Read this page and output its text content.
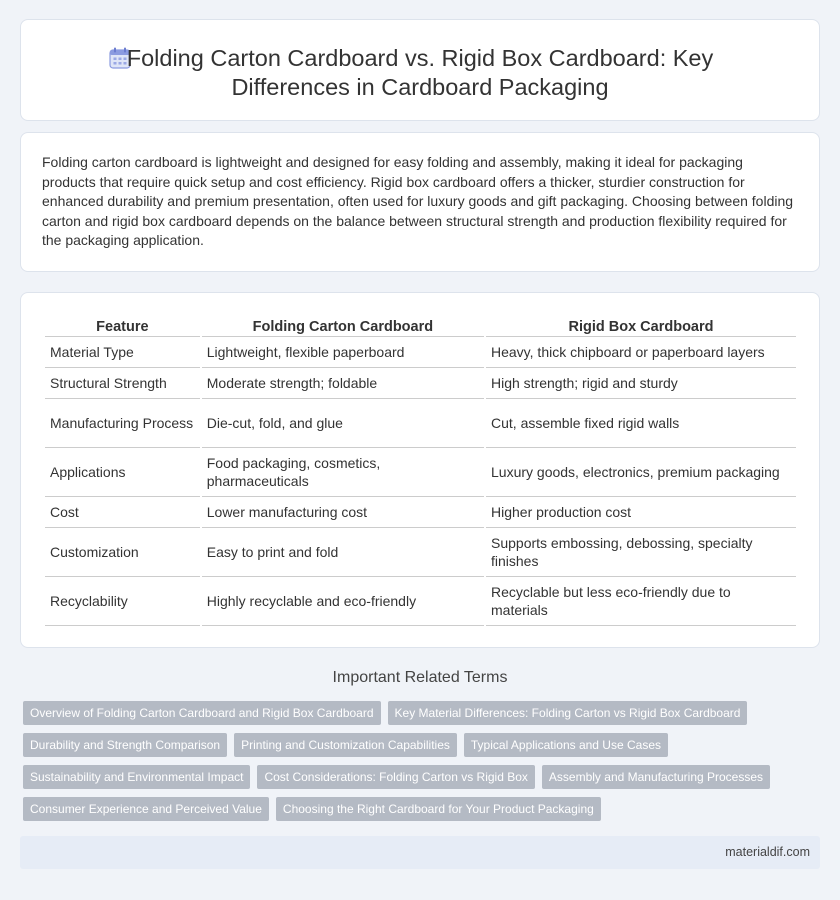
Folding Carton Cardboard vs. Rigid Box Cardboard: Key Differences in Cardboard Packaging

Folding carton cardboard is lightweight and designed for easy folding and assembly, making it ideal for packaging products that require quick setup and cost efficiency. Rigid box cardboard offers a thicker, sturdier construction for enhanced durability and premium presentation, often used for luxury goods and gift packaging. Choosing between folding carton and rigid box cardboard depends on the balance between structural strength and production flexibility required for the packaging application.

Feature	Folding Carton Cardboard	Rigid Box Cardboard
Material Type	Lightweight, flexible paperboard	Heavy, thick chipboard or paperboard layers
Structural Strength	Moderate strength; foldable	High strength; rigid and sturdy
Manufacturing Process	Die-cut, fold, and glue	Cut, assemble fixed rigid walls
Applications	Food packaging, cosmetics, pharmaceuticals	Luxury goods, electronics, premium packaging
Cost	Lower manufacturing cost	Higher production cost
Customization	Easy to print and fold	Supports embossing, debossing, specialty finishes
Recyclability	Highly recyclable and eco-friendly	Recyclable but less eco-friendly due to materials
Important Related Terms
Overview of Folding Carton Cardboard and Rigid Box Cardboard	Key Material Differences: Folding Carton vs Rigid Box Cardboard
Durability and Strength Comparison	Printing and Customization Capabilities	Typical Applications and Use Cases
Sustainability and Environmental Impact	Cost Considerations: Folding Carton vs Rigid Box	Assembly and Manufacturing Processes
Consumer Experience and Perceived Value	Choosing the Right Cardboard for Your Product Packaging
materialdif.com
